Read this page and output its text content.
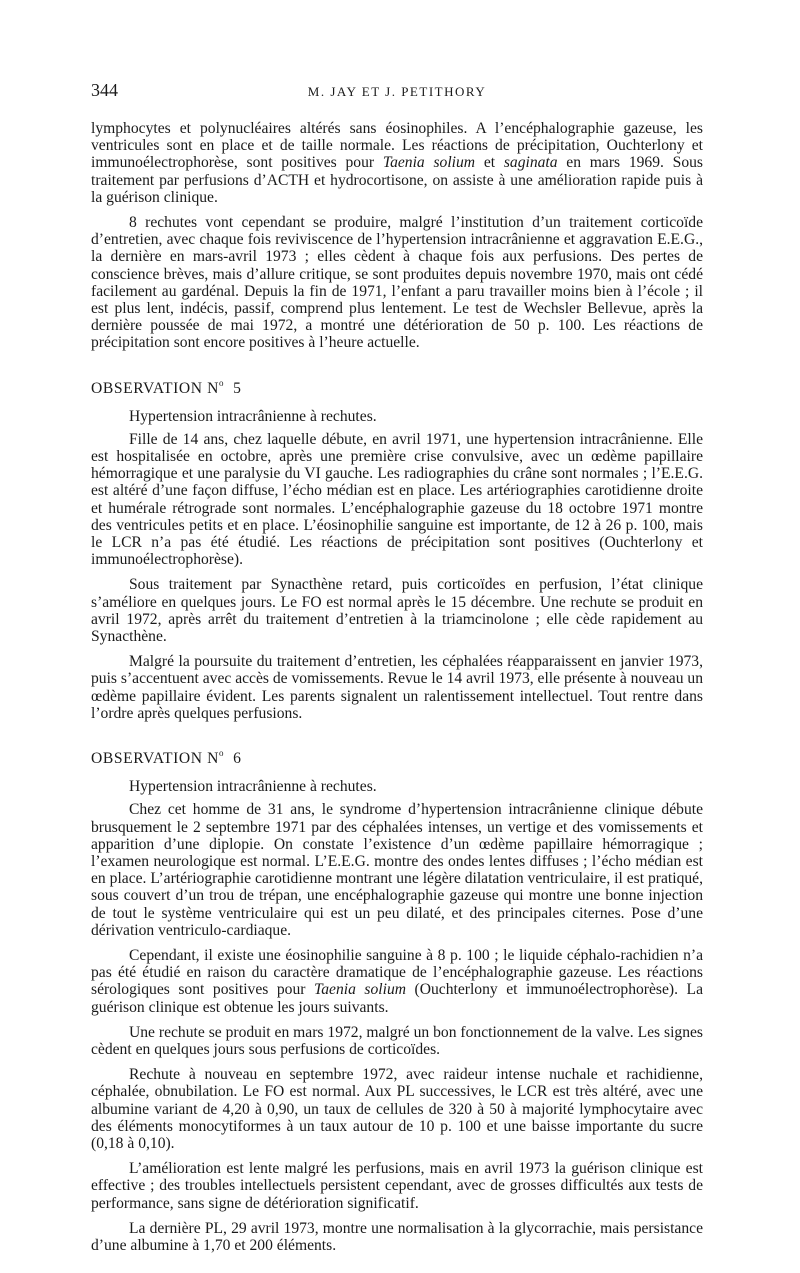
344	M. JAY ET J. PETITHORY

lymphocytes et polynucléaires altérés sans éosinophiles. A l’encéphalographie gazeuse, les ventricules sont en place et de taille normale. Les réactions de précipitation, Ouchterlony et immunoélectrophorèse, sont positives pour Taenia solium et saginata en mars 1969. Sous traitement par perfusions d’ACTH et hydrocortisone, on assiste à une amélioration rapide puis à la guérison clinique.

8 rechutes vont cependant se produire, malgré l’institution d’un traitement corticoïde d’entretien, avec chaque fois reviviscence de l’hypertension intracrânienne et aggravation E.E.G., la dernière en mars-avril 1973 ; elles cèdent à chaque fois aux perfusions. Des pertes de conscience brèves, mais d’allure critique, se sont produites depuis novembre 1970, mais ont cédé facilement au gardénal. Depuis la fin de 1971, l’enfant a paru travailler moins bien à l’école ; il est plus lent, indécis, passif, comprend plus lentement. Le test de Wechsler Bellevue, après la dernière poussée de mai 1972, a montré une détérioration de 50 p. 100. Les réactions de précipitation sont encore positives à l’heure actuelle.

OBSERVATION $N^o$ 5
Hypertension intracrânienne à rechutes.

Fille de 14 ans, chez laquelle débute, en avril 1971, une hypertension intracrânienne. Elle est hospitalisée en octobre, après une première crise convulsive, avec un œdème papillaire hémorragique et une paralysie du VI gauche. Les radiographies du crâne sont normales ; l’E.E.G. est altéré d’une façon diffuse, l’écho médian est en place. Les artériographies carotidienne droite et humérale rétrograde sont normales. L’encéphalographie gazeuse du 18 octobre 1971 montre des ventricules petits et en place. L’éosinophilie sanguine est importante, de 12 à 26 p. 100, mais le LCR n’a pas été étudié. Les réactions de précipitation sont positives (Ouchterlony et immunoélectrophorèse).

Sous traitement par Synacthène retard, puis corticoïdes en perfusion, l’état clinique s’améliore en quelques jours. Le FO est normal après le 15 décembre. Une rechute se produit en avril 1972, après arrêt du traitement d’entretien à la triamcinolone ; elle cède rapidement au Synacthène.

Malgré la poursuite du traitement d’entretien, les céphalées réapparaissent en janvier 1973, puis s’accentuent avec accès de vomissements. Revue le 14 avril 1973, elle présente à nouveau un œdème papillaire évident. Les parents signalent un ralentissement intellectuel. Tout rentre dans l’ordre après quelques perfusions.

OBSERVATION $N^o$ 6
Hypertension intracrânienne à rechutes.

Chez cet homme de 31 ans, le syndrome d’hypertension intracrânienne clinique débute brusquement le 2 septembre 1971 par des céphalées intenses, un vertige et des vomissements et apparition d’une diplopie. On constate l’existence d’un œdème papillaire hémorragique ; l’examen neurologique est normal. L’E.E.G. montre des ondes lentes diffuses ; l’écho médian est en place. L’artériographie carotidienne montrant une légère dilatation ventriculaire, il est pratiqué, sous couvert d’un trou de trépan, une encéphalographie gazeuse qui montre une bonne injection de tout le système ventriculaire qui est un peu dilaté, et des principales citernes. Pose d’une dérivation ventriculo-cardiaque.

Cependant, il existe une éosinophilie sanguine à 8 p. 100 ; le liquide céphalo-rachidien n’a pas été étudié en raison du caractère dramatique de l’encéphalographie gazeuse. Les réactions sérologiques sont positives pour Taenia solium (Ouchterlony et immunoélectrophorèse). La guérison clinique est obtenue les jours suivants.

Une rechute se produit en mars 1972, malgré un bon fonctionnement de la valve. Les signes cèdent en quelques jours sous perfusions de corticoïdes.

Rechute à nouveau en septembre 1972, avec raideur intense nuchale et rachidienne, céphalée, obnubilation. Le FO est normal. Aux PL successives, le LCR est très altéré, avec une albumine variant de 4,20 à 0,90, un taux de cellules de 320 à 50 à majorité lymphocytaire avec des éléments monocytiformes à un taux autour de 10 p. 100 et une baisse importante du sucre (0,18 à 0,10).

L’amélioration est lente malgré les perfusions, mais en avril 1973 la guérison clinique est effective ; des troubles intellectuels persistent cependant, avec de grosses difficultés aux tests de performance, sans signe de détérioration significatif.

La dernière PL, 29 avril 1973, montre une normalisation à la glycorrachie, mais persistance d’une albumine à 1,70 et 200 éléments.
